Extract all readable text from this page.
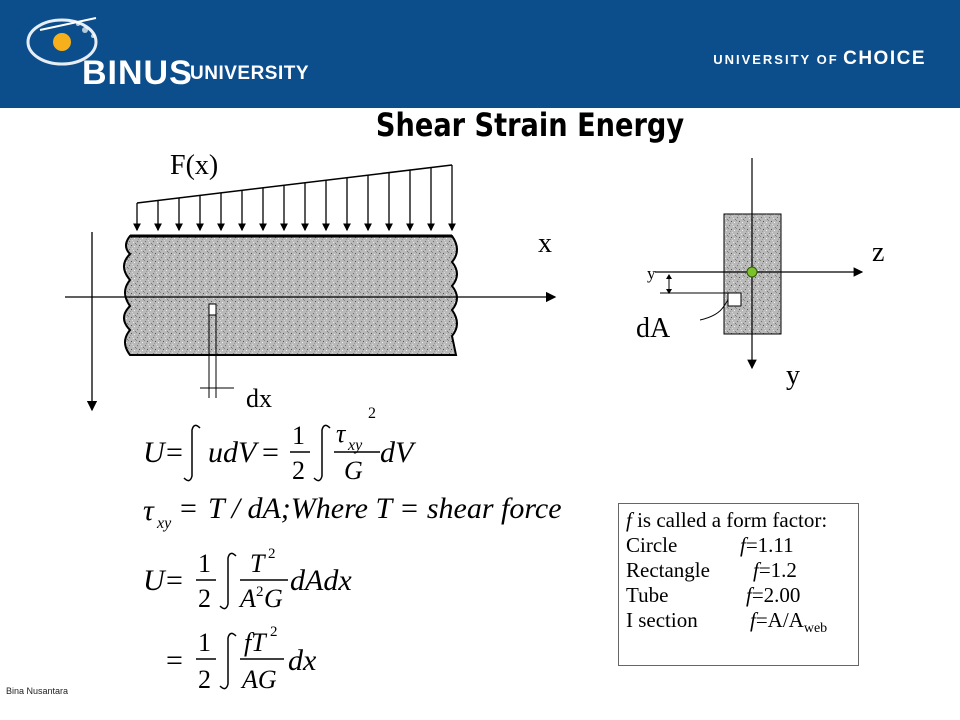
BINUS
UNIVERSITY
UNIVERSITY OF CHOICE
Shear Strain Energy
U = udV =
1
2
τ xy
2
G
dV
τ xy = T / dA;Where T = shear force
U =
1
2
T 2
A 2 G
dAdx
=
1
2
fT 2
AG
dx
F(x)
x
dx
z
y
y
dA
f is called a form factor:
Circle	f=1.11
Rectangle f=1.2
Tube	f=2.00
I section $f=A/A_{web}$
Bina Nusantara
